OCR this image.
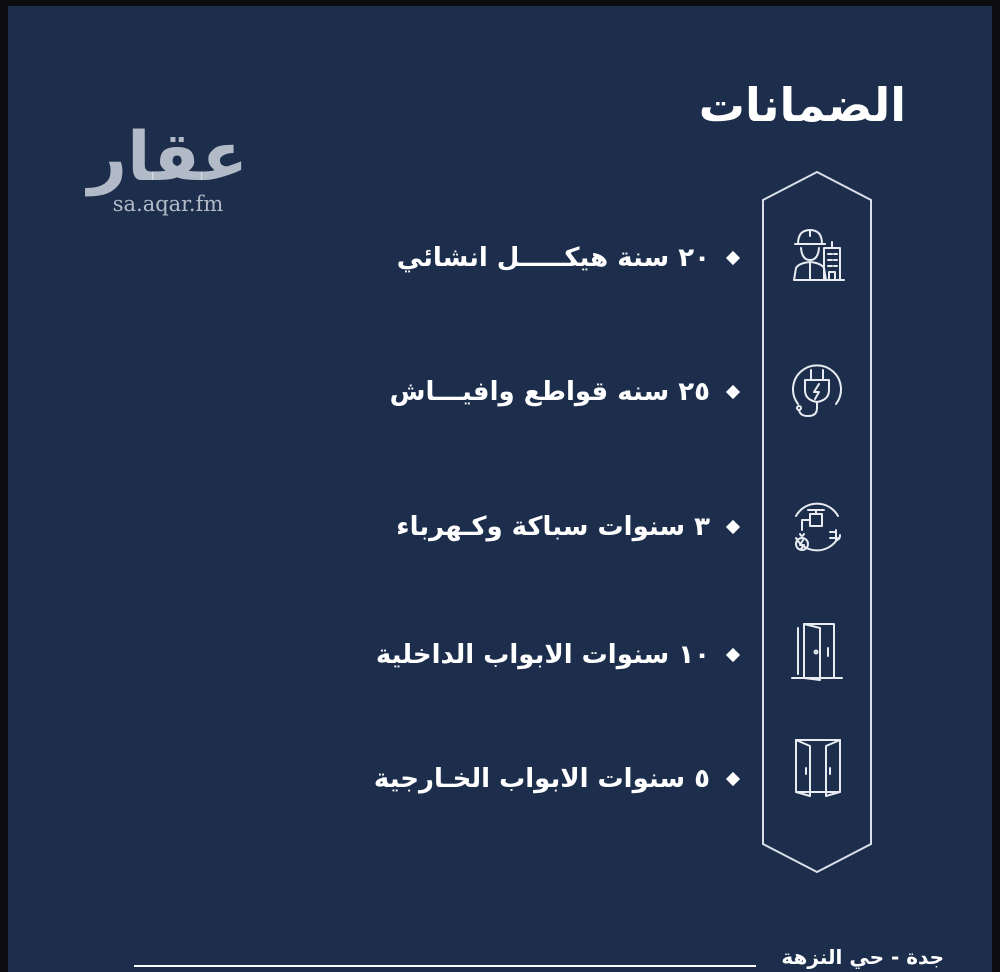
عقار
sa.aqar.fm
الضمانات
٢٠ سنة هيكـــــل انشائي
٢٥ سنه قواطع وافيـــاش
٣ سنوات سباكة وكـهرباء
١٠ سنوات الابواب الداخلية
٥ سنوات الابواب الخـارجية
جدة - حي النزهة
